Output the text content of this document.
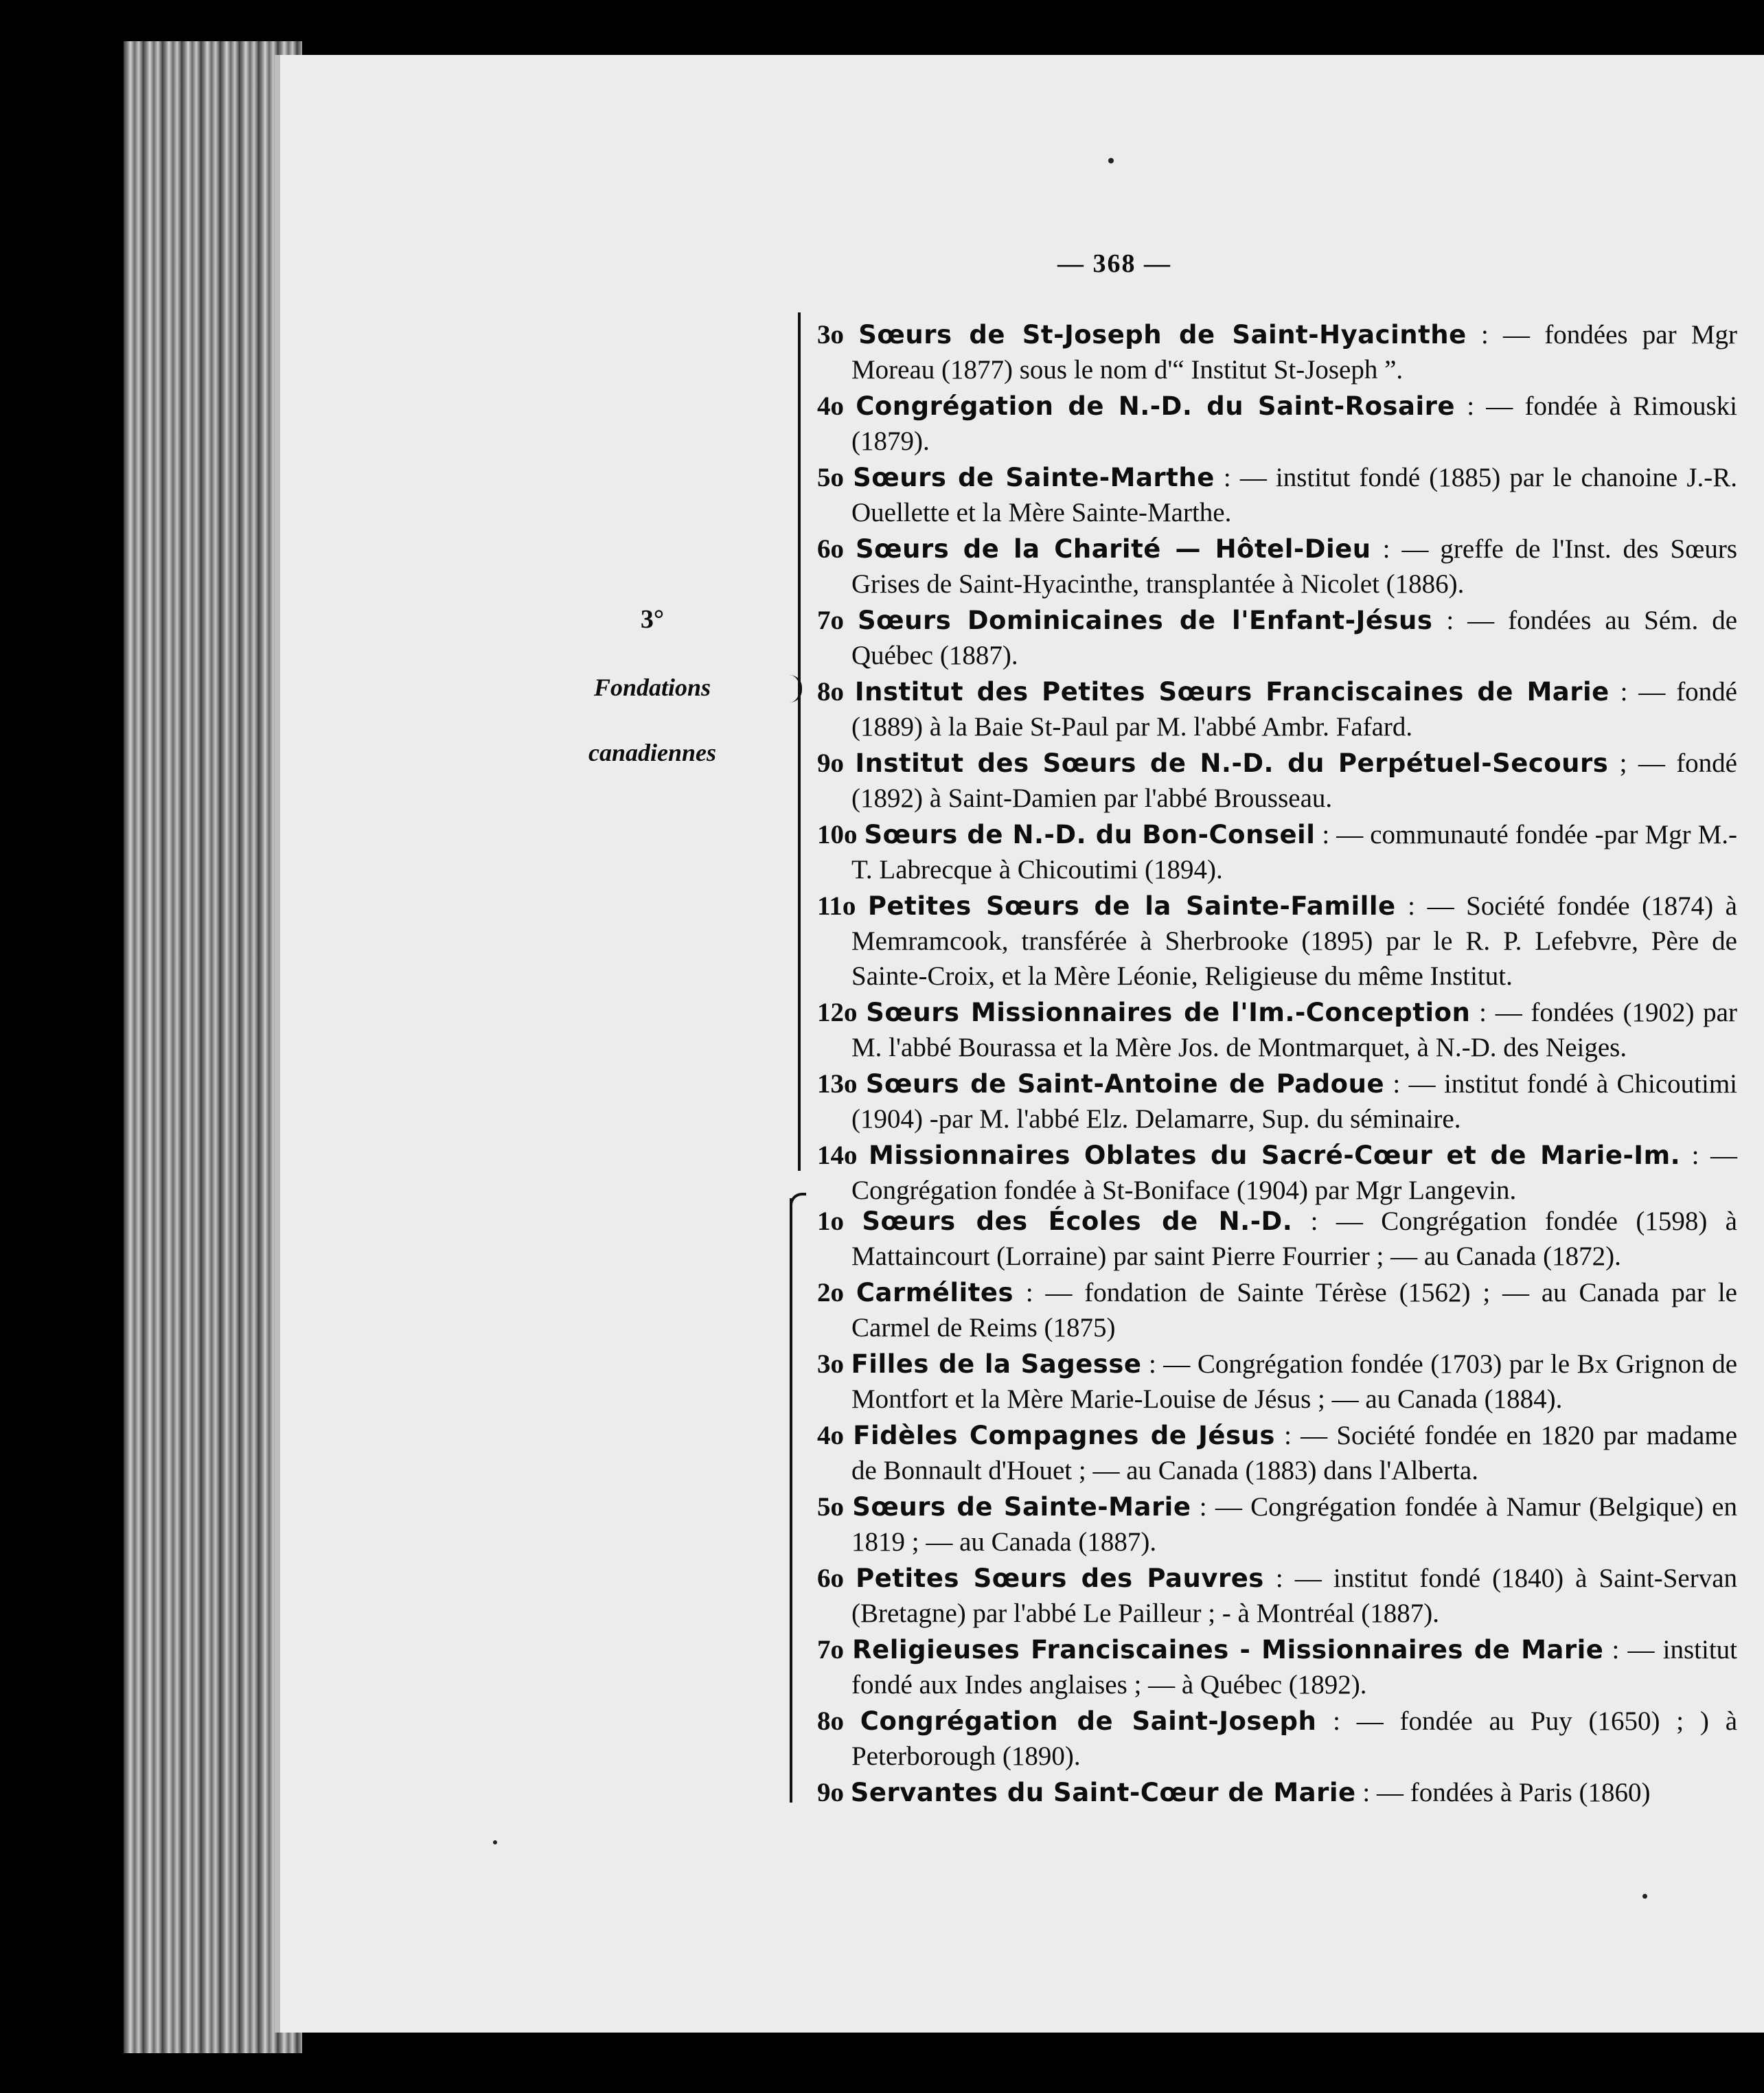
— 368 —
3°
Fondations
canadiennes

3o Sœurs de St-Joseph de Saint-Hyacinthe : — fondées par Mgr Moreau (1877) sous le nom d'“ Institut St-Joseph ”.

4o Congrégation de N.-D. du Saint-Rosaire : — fondée à Rimouski (1879).

5o Sœurs de Sainte-Marthe : — institut fondé (1885) par le chanoine J.-R. Ouellette et la Mère Sainte-Marthe.

6o Sœurs de la Charité — Hôtel-Dieu : — greffe de l'Inst. des Sœurs Grises de Saint-Hyacinthe, transplantée à Nicolet (1886).

7o Sœurs Dominicaines de l'Enfant-Jésus : — fondées au Sém. de Québec (1887).

8o Institut des Petites Sœurs Franciscaines de Marie : — fondé (1889) à la Baie St-Paul par M. l'abbé Ambr. Fafard.

9o Institut des Sœurs de N.-D. du Perpétuel-Secours ; — fondé (1892) à Saint-Damien par l'abbé Brousseau.

10o Sœurs de N.-D. du Bon-Conseil : — communauté fondée -par Mgr M.-T. Labrecque à Chicoutimi (1894).

11o Petites Sœurs de la Sainte-Famille : — Société fondée (1874) à Memramcook, transférée à Sherbrooke (1895) par le R. P. Lefebvre, Père de Sainte-Croix, et la Mère Léonie, Religieuse du même Institut.

12o Sœurs Missionnaires de l'Im.-Conception : — fondées (1902) par M. l'abbé Bourassa et la Mère Jos. de Montmarquet, à N.-D. des Neiges.

13o Sœurs de Saint-Antoine de Padoue : — institut fondé à Chicoutimi (1904) -par M. l'abbé Elz. Delamarre, Sup. du séminaire.

14o Missionnaires Oblates du Sacré-Cœur et de Marie-Im. : — Congrégation fondée à St-Boniface (1904) par Mgr Langevin.

1o Sœurs des Écoles de N.-D. : — Congrégation fondée (1598) à Mattaincourt (Lorraine) par saint Pierre Fourrier ; — au Canada (1872).

2o Carmélites : — fondation de Sainte Térèse (1562) ; — au Canada par le Carmel de Reims (1875)

3o Filles de la Sagesse : — Congrégation fondée (1703) par le Bx Grignon de Montfort et la Mère Marie-Louise de Jésus ; — au Canada (1884).

4o Fidèles Compagnes de Jésus : — Société fondée en 1820 par madame de Bonnault d'Houet ; — au Canada (1883) dans l'Alberta.

5o Sœurs de Sainte-Marie : — Congrégation fondée à Namur (Belgique) en 1819 ; — au Canada (1887).

6o Petites Sœurs des Pauvres : — institut fondé (1840) à Saint-Servan (Bretagne) par l'abbé Le Pailleur ; - à Montréal (1887).

7o Religieuses Franciscaines - Missionnaires de Marie : — institut fondé aux Indes anglaises ; — à Québec (1892).

8o Congrégation de Saint-Joseph : — fondée au Puy (1650) ; ) à Peterborough (1890).

9o Servantes du Saint-Cœur de Marie : — fondées à Paris (1860)
